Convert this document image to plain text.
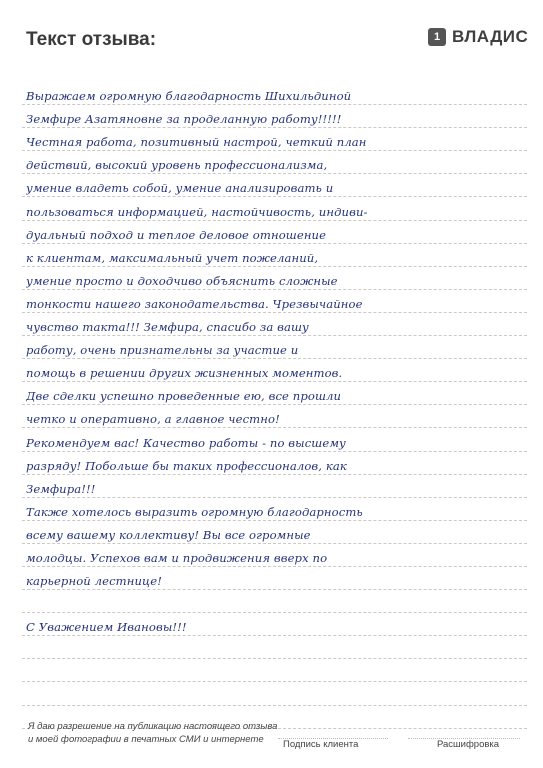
Текст отзыва:	1 ВЛАДИС
Выражаем огромную благодарность Шихильдиной
Земфире Азатяновне за проделанную работу!!!!!
Честная работа, позитивный настрой, четкий план
действий, высокий уровень профессионализма,
умение владеть собой, умение анализировать и
пользоваться информацией, настойчивость, индиви-
дуальный подход и теплое деловое отношение
к клиентам, максимальный учет пожеланий,
умение просто и доходчиво объяснить сложные
тонкости нашего законодательства. Чрезвычайное
чувство такта!!! Земфира, спасибо за вашу
работу, очень признательны за участие и
помощь в решении других жизненных моментов.
Две сделки успешно проведенные ею, все прошли
четко и оперативно, а главное честно!
Рекомендуем вас! Качество работы - по высшему
разряду! Побольше бы таких профессионалов, как
Земфира!!!
Также хотелось выразить огромную благодарность
всему вашему коллективу! Вы все огромные
молодцы. Успехов вам и продвижения вверх по
карьерной лестнице!
С Уважением Ивановы!!!
Я даю разрешение на публикацию настоящего отзыва
и моей фотографии в печатных СМИ и интернете	Подпись клиента	Расшифровка
